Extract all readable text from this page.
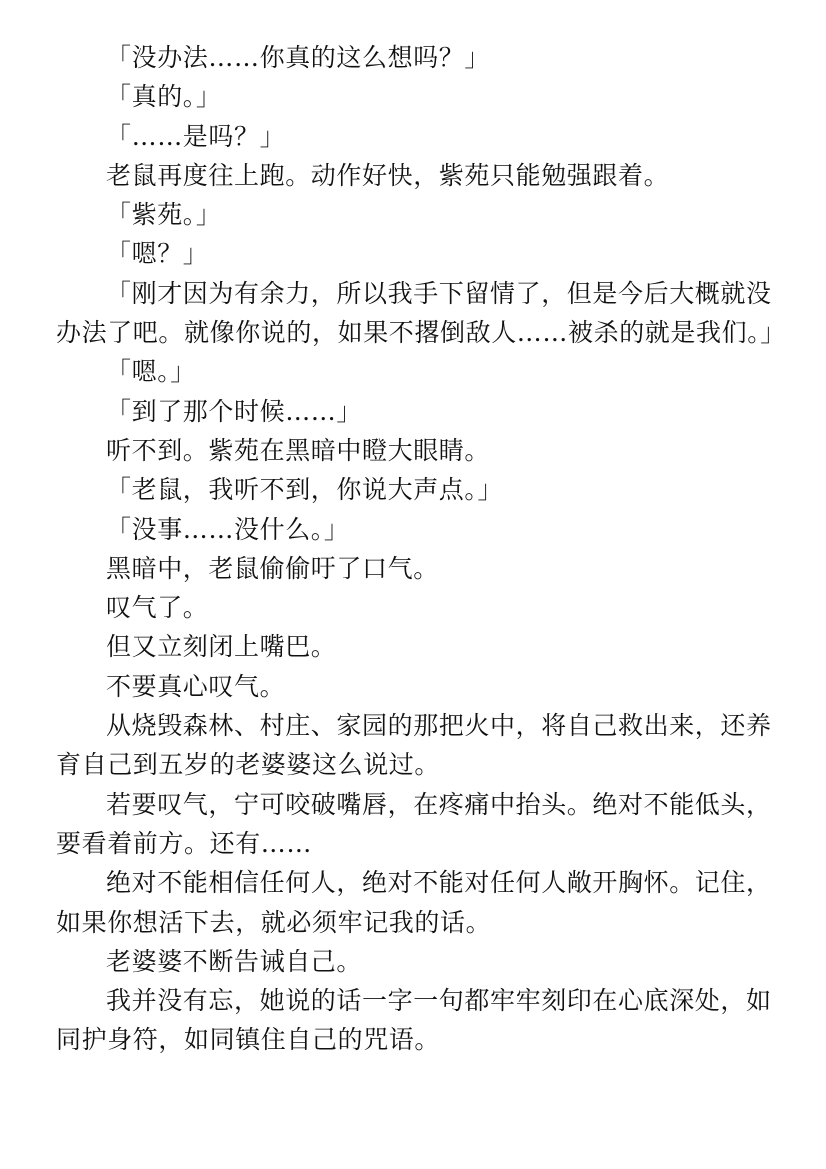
「没办法……你真的这么想吗？」

「真的。」

「……是吗？」

老鼠再度往上跑。动作好快，紫苑只能勉强跟着。

「紫苑。」

「嗯？」

「刚才因为有余力，所以我手下留情了，但是今后大概就没办法了吧。就像你说的，如果不撂倒敌人……被杀的就是我们。」

「嗯。」

「到了那个时候……」

听不到。紫苑在黑暗中瞪大眼睛。

「老鼠，我听不到，你说大声点。」

「没事……没什么。」

黑暗中，老鼠偷偷吁了口气。

叹气了。

但又立刻闭上嘴巴。

不要真心叹气。

从烧毁森林、村庄、家园的那把火中，将自己救出来，还养育自己到五岁的老婆婆这么说过。

若要叹气，宁可咬破嘴唇，在疼痛中抬头。绝对不能低头，要看着前方。还有……

绝对不能相信任何人，绝对不能对任何人敞开胸怀。记住，如果你想活下去，就必须牢记我的话。

老婆婆不断告诫自己。

我并没有忘，她说的话一字一句都牢牢刻印在心底深处，如同护身符，如同镇住自己的咒语。
